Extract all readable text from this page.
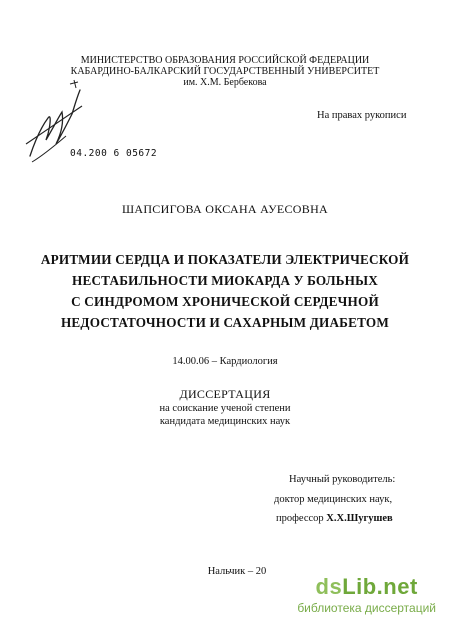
МИНИСТЕРСТВО ОБРАЗОВАНИЯ РОССИЙСКОЙ ФЕДЕРАЦИИ
КАБАРДИНО-БАЛКАРСКИЙ ГОСУДАРСТВЕННЫЙ УНИВЕРСИТЕТ
им. Х.М. Бербекова
На правах рукописи
04.200 6 05672
ШАПСИГОВА ОКСАНА АУЕСОВНА
АРИТМИИ СЕРДЦА И ПОКАЗАТЕЛИ ЭЛЕКТРИЧЕСКОЙ
НЕСТАБИЛЬНОСТИ МИОКАРДА У БОЛЬНЫХ
С СИНДРОМОМ ХРОНИЧЕСКОЙ СЕРДЕЧНОЙ
НЕДОСТАТОЧНОСТИ И САХАРНЫМ ДИАБЕТОМ
14.00.06 – Кардиология
ДИССЕРТАЦИЯ
на соискание ученой степени
кандидата медицинских наук
Научный руководитель:
доктор медицинских наук,
профессор Х.Х.Шугушев
Нальчик – 20
dsLib.net
библиотека диссертаций
